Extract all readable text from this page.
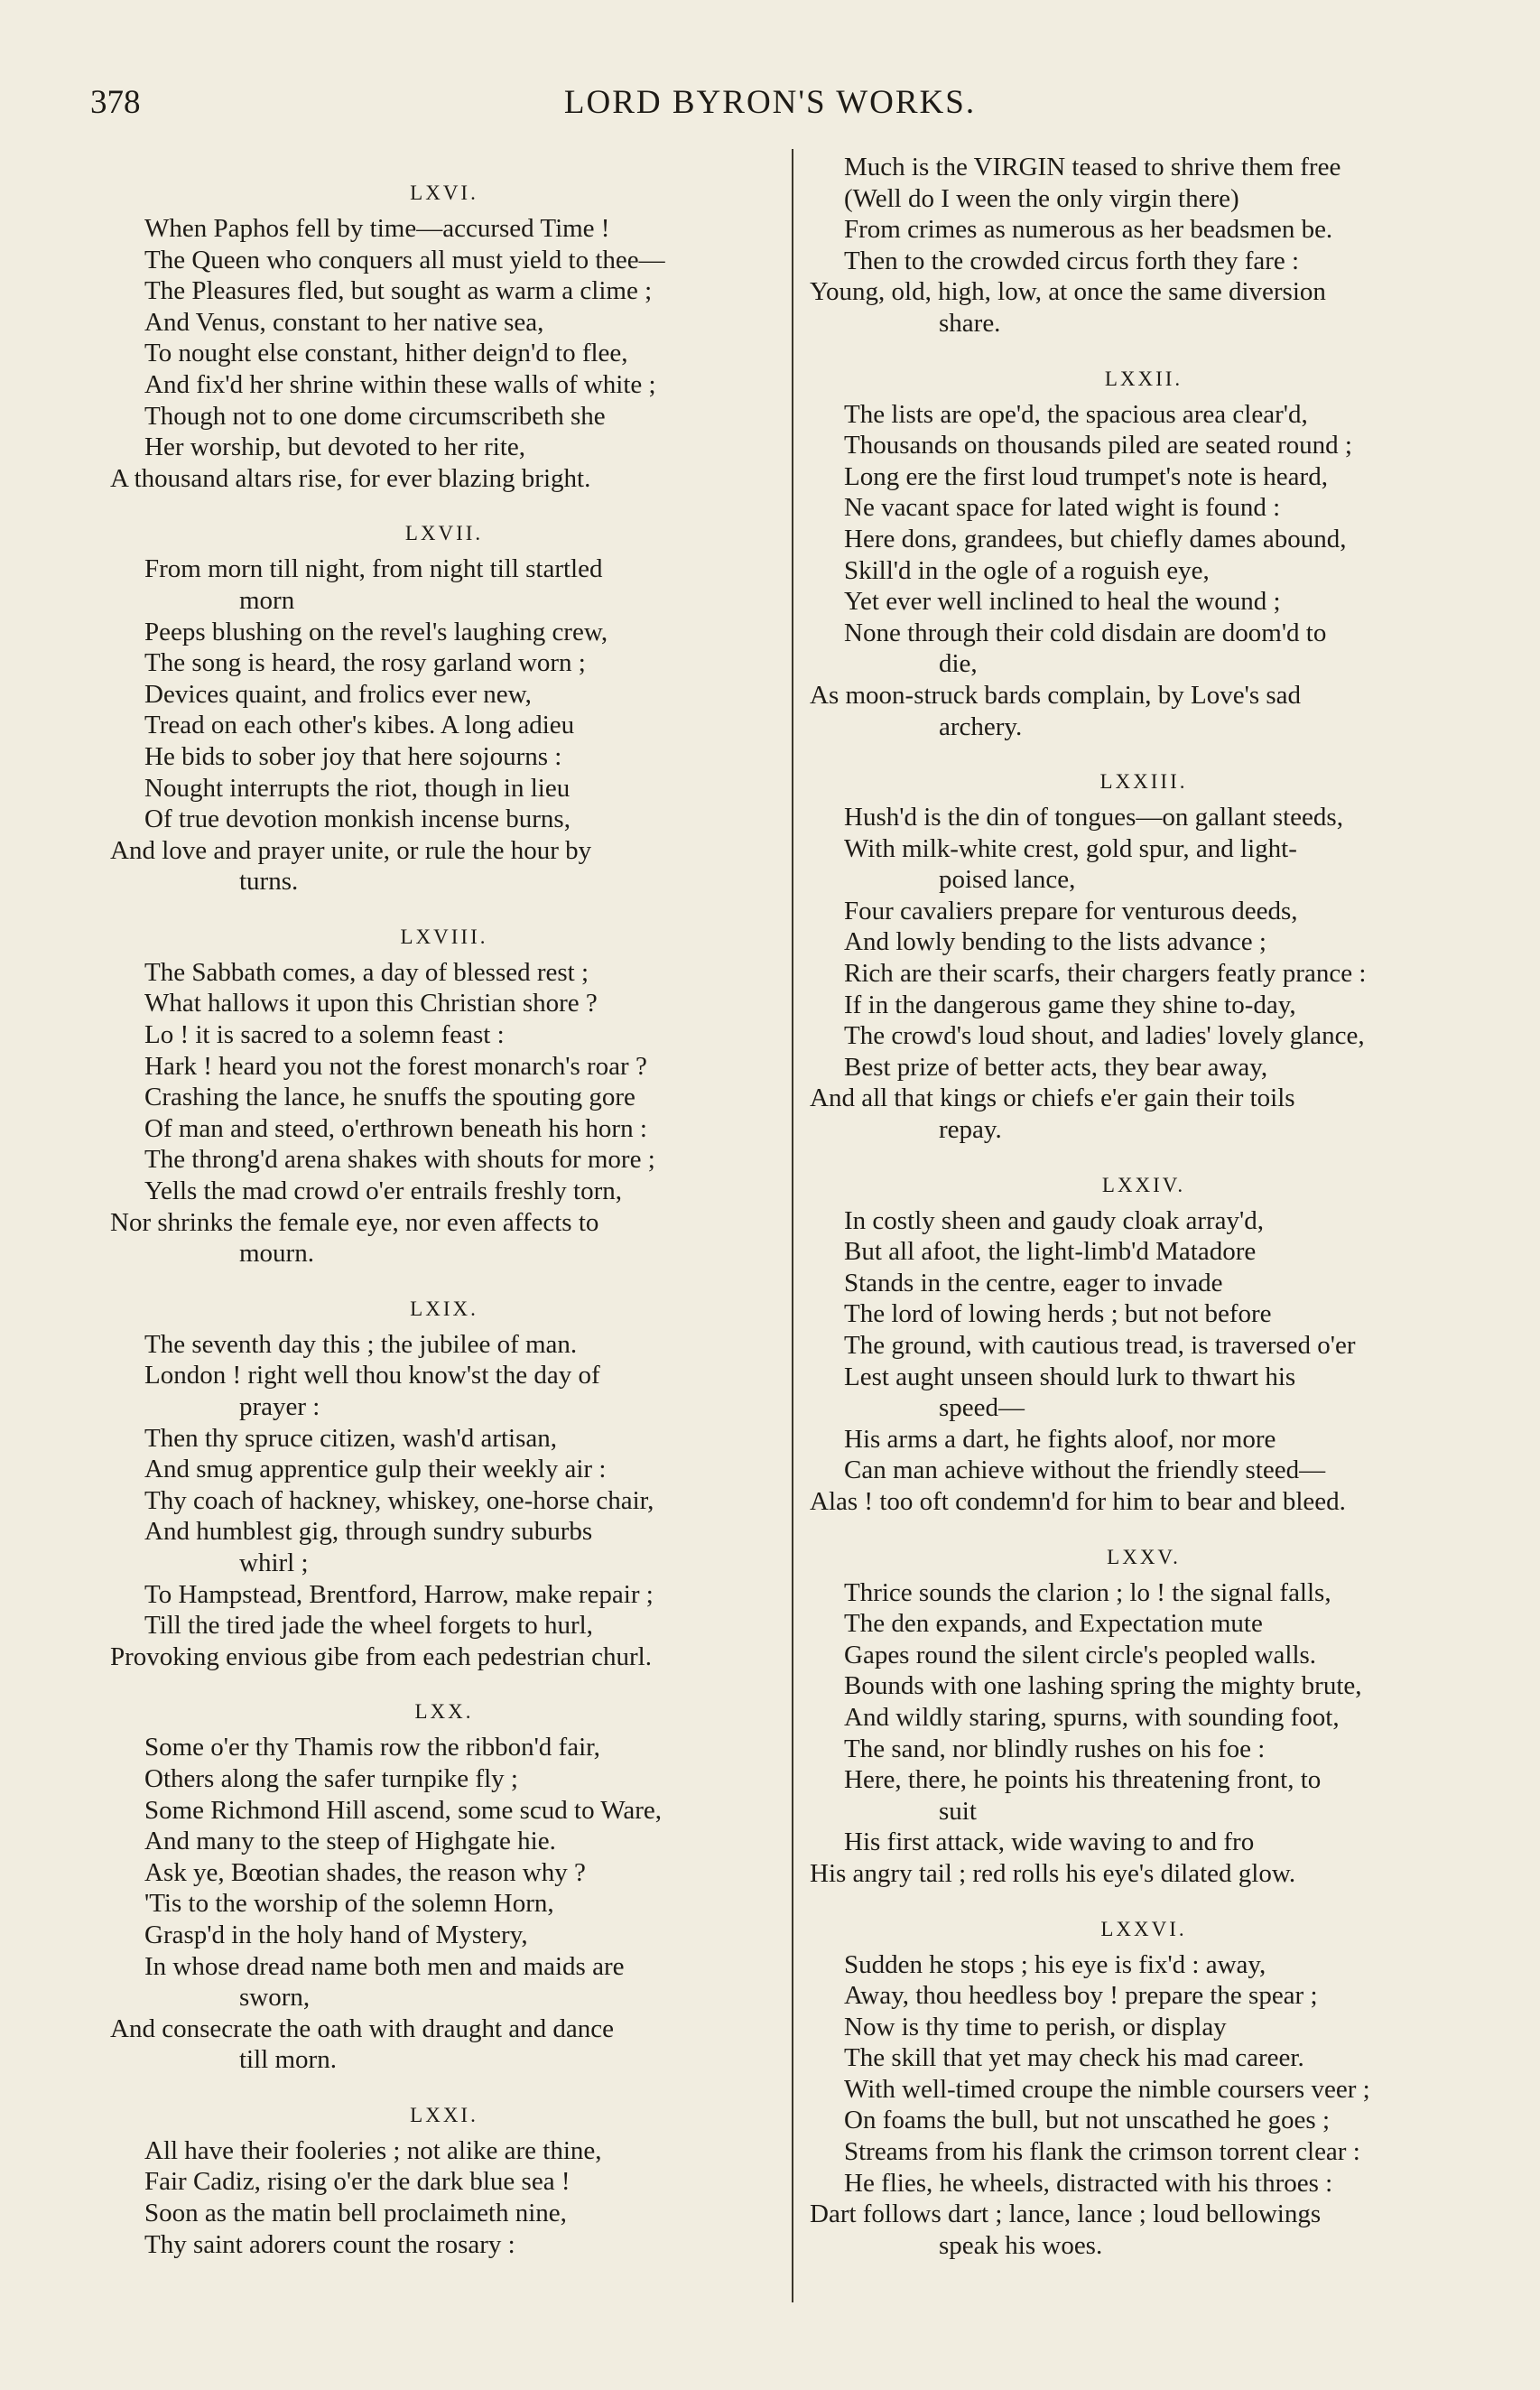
378	LORD BYRON'S WORKS.
LXVI.
When Paphos fell by time—accursed Time !
The Queen who conquers all must yield to thee—
The Pleasures fled, but sought as warm a clime ;
And Venus, constant to her native sea,
To nought else constant, hither deign'd to flee,
And fix'd her shrine within these walls of white ;
Though not to one dome circumscribeth she
Her worship, but devoted to her rite,
A thousand altars rise, for ever blazing bright.
LXVII.
From morn till night, from night till startled
morn
Peeps blushing on the revel's laughing crew,
The song is heard, the rosy garland worn ;
Devices quaint, and frolics ever new,
Tread on each other's kibes. A long adieu
He bids to sober joy that here sojourns :
Nought interrupts the riot, though in lieu
Of true devotion monkish incense burns,
And love and prayer unite, or rule the hour by
turns.
LXVIII.
The Sabbath comes, a day of blessed rest ;
What hallows it upon this Christian shore ?
Lo ! it is sacred to a solemn feast :
Hark ! heard you not the forest monarch's roar ?
Crashing the lance, he snuffs the spouting gore
Of man and steed, o'erthrown beneath his horn :
The throng'd arena shakes with shouts for more ;
Yells the mad crowd o'er entrails freshly torn,
Nor shrinks the female eye, nor even affects to
mourn.
LXIX.
The seventh day this ; the jubilee of man.
London ! right well thou know'st the day of
prayer :
Then thy spruce citizen, wash'd artisan,
And smug apprentice gulp their weekly air :
Thy coach of hackney, whiskey, one-horse chair,
And humblest gig, through sundry suburbs
whirl ;
To Hampstead, Brentford, Harrow, make repair ;
Till the tired jade the wheel forgets to hurl,
Provoking envious gibe from each pedestrian churl.
LXX.
Some o'er thy Thamis row the ribbon'd fair,
Others along the safer turnpike fly ;
Some Richmond Hill ascend, some scud to Ware,
And many to the steep of Highgate hie.
Ask ye, Bœotian shades, the reason why ?
'Tis to the worship of the solemn Horn,
Grasp'd in the holy hand of Mystery,
In whose dread name both men and maids are
sworn,
And consecrate the oath with draught and dance
till morn.
LXXI.
All have their fooleries ; not alike are thine,
Fair Cadiz, rising o'er the dark blue sea !
Soon as the matin bell proclaimeth nine,
Thy saint adorers count the rosary :
Much is the VIRGIN teased to shrive them free
(Well do I ween the only virgin there)
From crimes as numerous as her beadsmen be.
Then to the crowded circus forth they fare :
Young, old, high, low, at once the same diversion
share.
LXXII.
The lists are ope'd, the spacious area clear'd,
Thousands on thousands piled are seated round ;
Long ere the first loud trumpet's note is heard,
Ne vacant space for lated wight is found :
Here dons, grandees, but chiefly dames abound,
Skill'd in the ogle of a roguish eye,
Yet ever well inclined to heal the wound ;
None through their cold disdain are doom'd to
die,
As moon-struck bards complain, by Love's sad
archery.
LXXIII.
Hush'd is the din of tongues—on gallant steeds,
With milk-white crest, gold spur, and light-
poised lance,
Four cavaliers prepare for venturous deeds,
And lowly bending to the lists advance ;
Rich are their scarfs, their chargers featly prance :
If in the dangerous game they shine to-day,
The crowd's loud shout, and ladies' lovely glance,
Best prize of better acts, they bear away,
And all that kings or chiefs e'er gain their toils
repay.
LXXIV.
In costly sheen and gaudy cloak array'd,
But all afoot, the light-limb'd Matadore
Stands in the centre, eager to invade
The lord of lowing herds ; but not before
The ground, with cautious tread, is traversed o'er
Lest aught unseen should lurk to thwart his
speed—
His arms a dart, he fights aloof, nor more
Can man achieve without the friendly steed—
Alas ! too oft condemn'd for him to bear and bleed.
LXXV.
Thrice sounds the clarion ; lo ! the signal falls,
The den expands, and Expectation mute
Gapes round the silent circle's peopled walls.
Bounds with one lashing spring the mighty brute,
And wildly staring, spurns, with sounding foot,
The sand, nor blindly rushes on his foe :
Here, there, he points his threatening front, to
suit
His first attack, wide waving to and fro
His angry tail ; red rolls his eye's dilated glow.
LXXVI.
Sudden he stops ; his eye is fix'd : away,
Away, thou heedless boy ! prepare the spear ;
Now is thy time to perish, or display
The skill that yet may check his mad career.
With well-timed croupe the nimble coursers veer ;
On foams the bull, but not unscathed he goes ;
Streams from his flank the crimson torrent clear :
He flies, he wheels, distracted with his throes :
Dart follows dart ; lance, lance ; loud bellowings
speak his woes.
